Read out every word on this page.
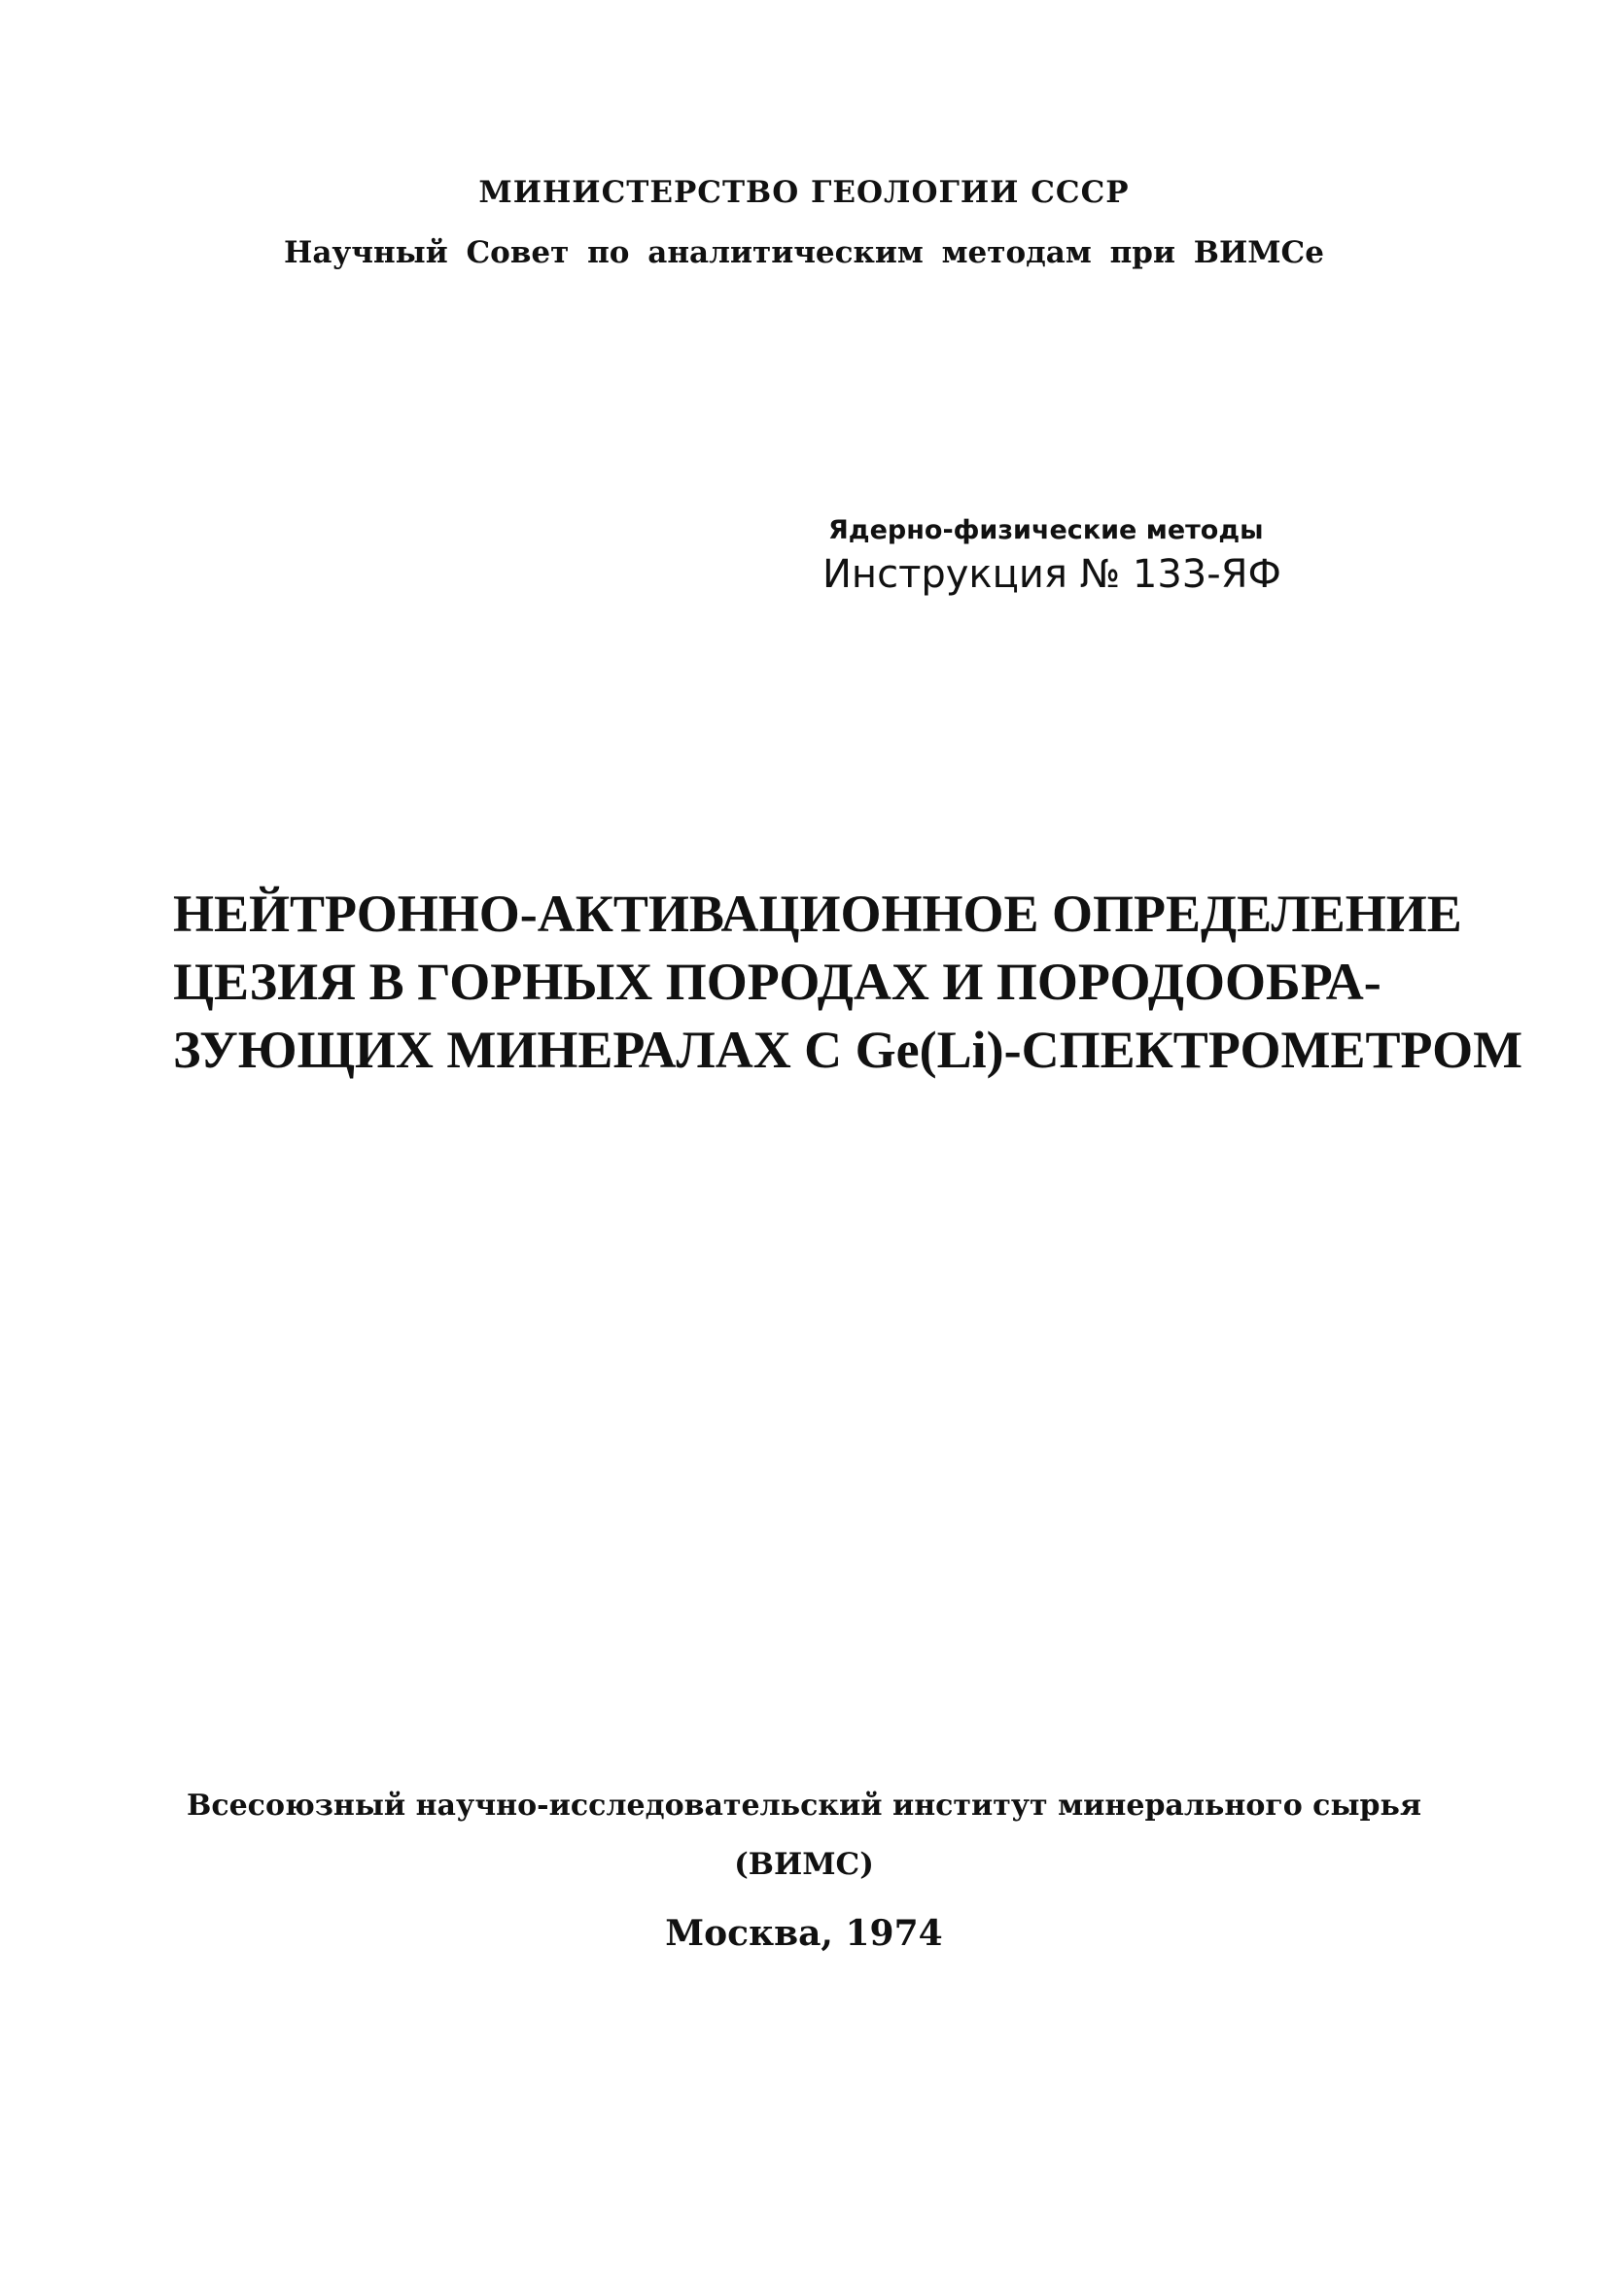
МИНИСТЕРСТВО ГЕОЛОГИИ СССР
Научный Совет по аналитическим методам при ВИМСе
Ядерно-физические методы
Инструкция № 133-ЯФ
НЕЙТРОННО-АКТИВАЦИОННОЕ ОПРЕДЕЛЕНИЕ
ЦЕЗИЯ В ГОРНЫХ ПОРОДАХ И ПОРОДООБРА-
ЗУЮЩИХ МИНЕРАЛАХ С Ge(Li)-СПЕКТРОМЕТРОМ
Всесоюзный научно-исследовательский институт минерального сырья
(ВИМС)
Москва, 1974
